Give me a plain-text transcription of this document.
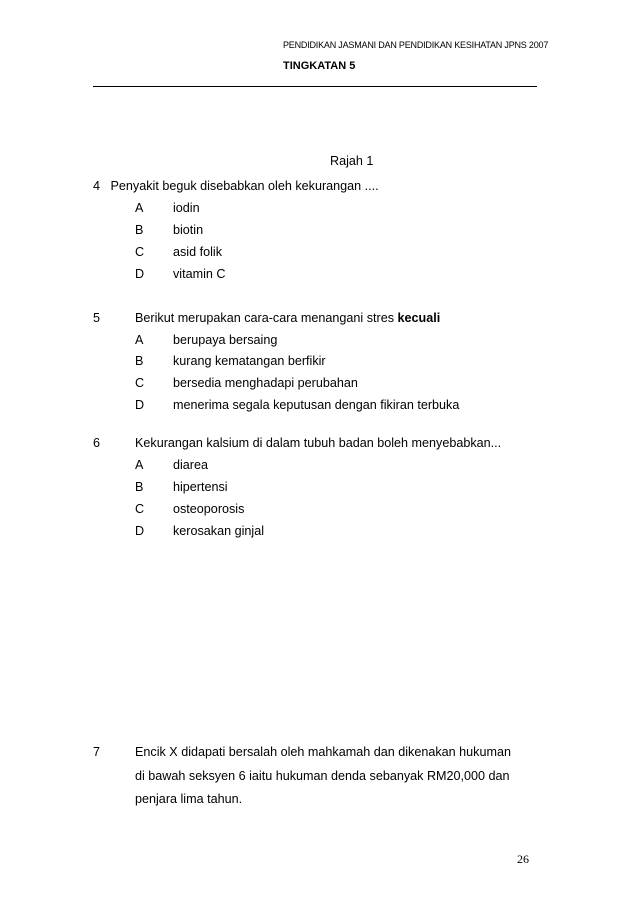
PENDIDIKAN JASMANI DAN PENDIDIKAN KESIHATAN JPNS 2007
TINGKATAN 5
Rajah 1
4 Penyakit beguk disebabkan oleh kekurangan ....
A iodin
B biotin
C asid folik
D vitamin C
5	Berikut merupakan cara-cara menangani stres kecuali
A berupaya bersaing
B kurang kematangan berfikir
C bersedia menghadapi perubahan
D menerima segala keputusan dengan fikiran terbuka
6	Kekurangan kalsium di dalam tubuh badan boleh menyebabkan...
A diarea
B hipertensi
C osteoporosis
D kerosakan ginjal
7	Encik X didapati bersalah oleh mahkamah dan dikenakan hukuman
di bawah seksyen 6 iaitu hukuman denda sebanyak RM20,000 dan
penjara lima tahun.
26
